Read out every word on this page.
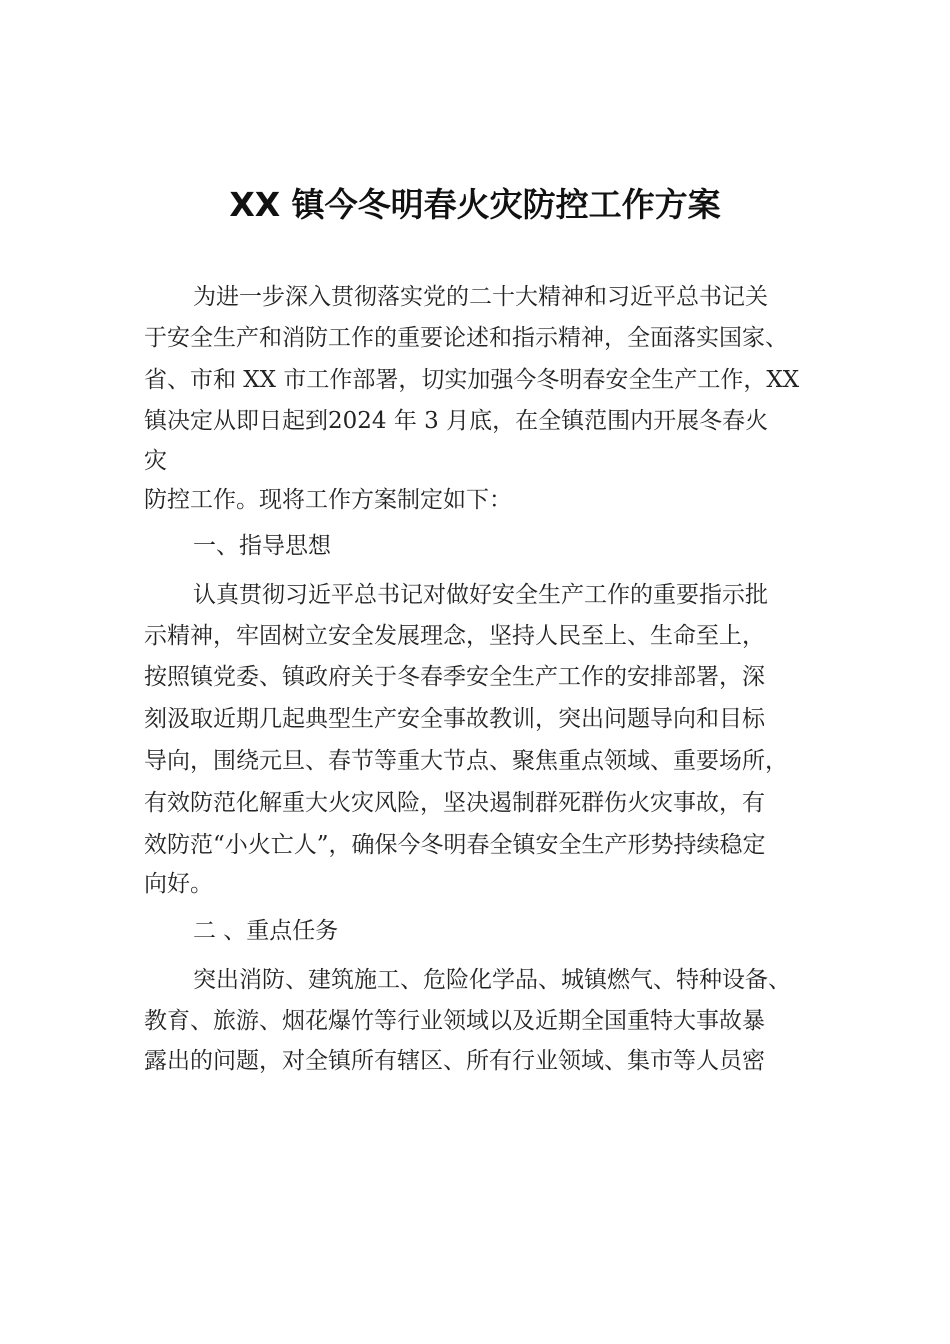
XX 镇今冬明春火灾防控工作方案

为进一步深入贯彻落实党的二十大精神和习近平总书记关

于安全生产和消防工作的重要论述和指示精神，全面落实国家、

省、市和 XX 市工作部署，切实加强今冬明春安全生产工作，XX

镇决定从即日起到2024 年 3 月底，在全镇范围内开展冬春火

灾

防控工作。现将工作方案制定如下：

一、指导思想

认真贯彻习近平总书记对做好安全生产工作的重要指示批

示精神，牢固树立安全发展理念，坚持人民至上、生命至上，

按照镇党委、镇政府关于冬春季安全生产工作的安排部署，深

刻汲取近期几起典型生产安全事故教训，突出问题导向和目标

导向，围绕元旦、春节等重大节点、聚焦重点领域、重要场所，

有效防范化解重大火灾风险，坚决遏制群死群伤火灾事故，有

效防范“小火亡人”，确保今冬明春全镇安全生产形势持续稳定

向好。

二 、重点任务

突出消防、建筑施工、危险化学品、城镇燃气、特种设备、

教育、旅游、烟花爆竹等行业领域以及近期全国重特大事故暴

露出的问题，对全镇所有辖区、所有行业领域、集市等人员密
